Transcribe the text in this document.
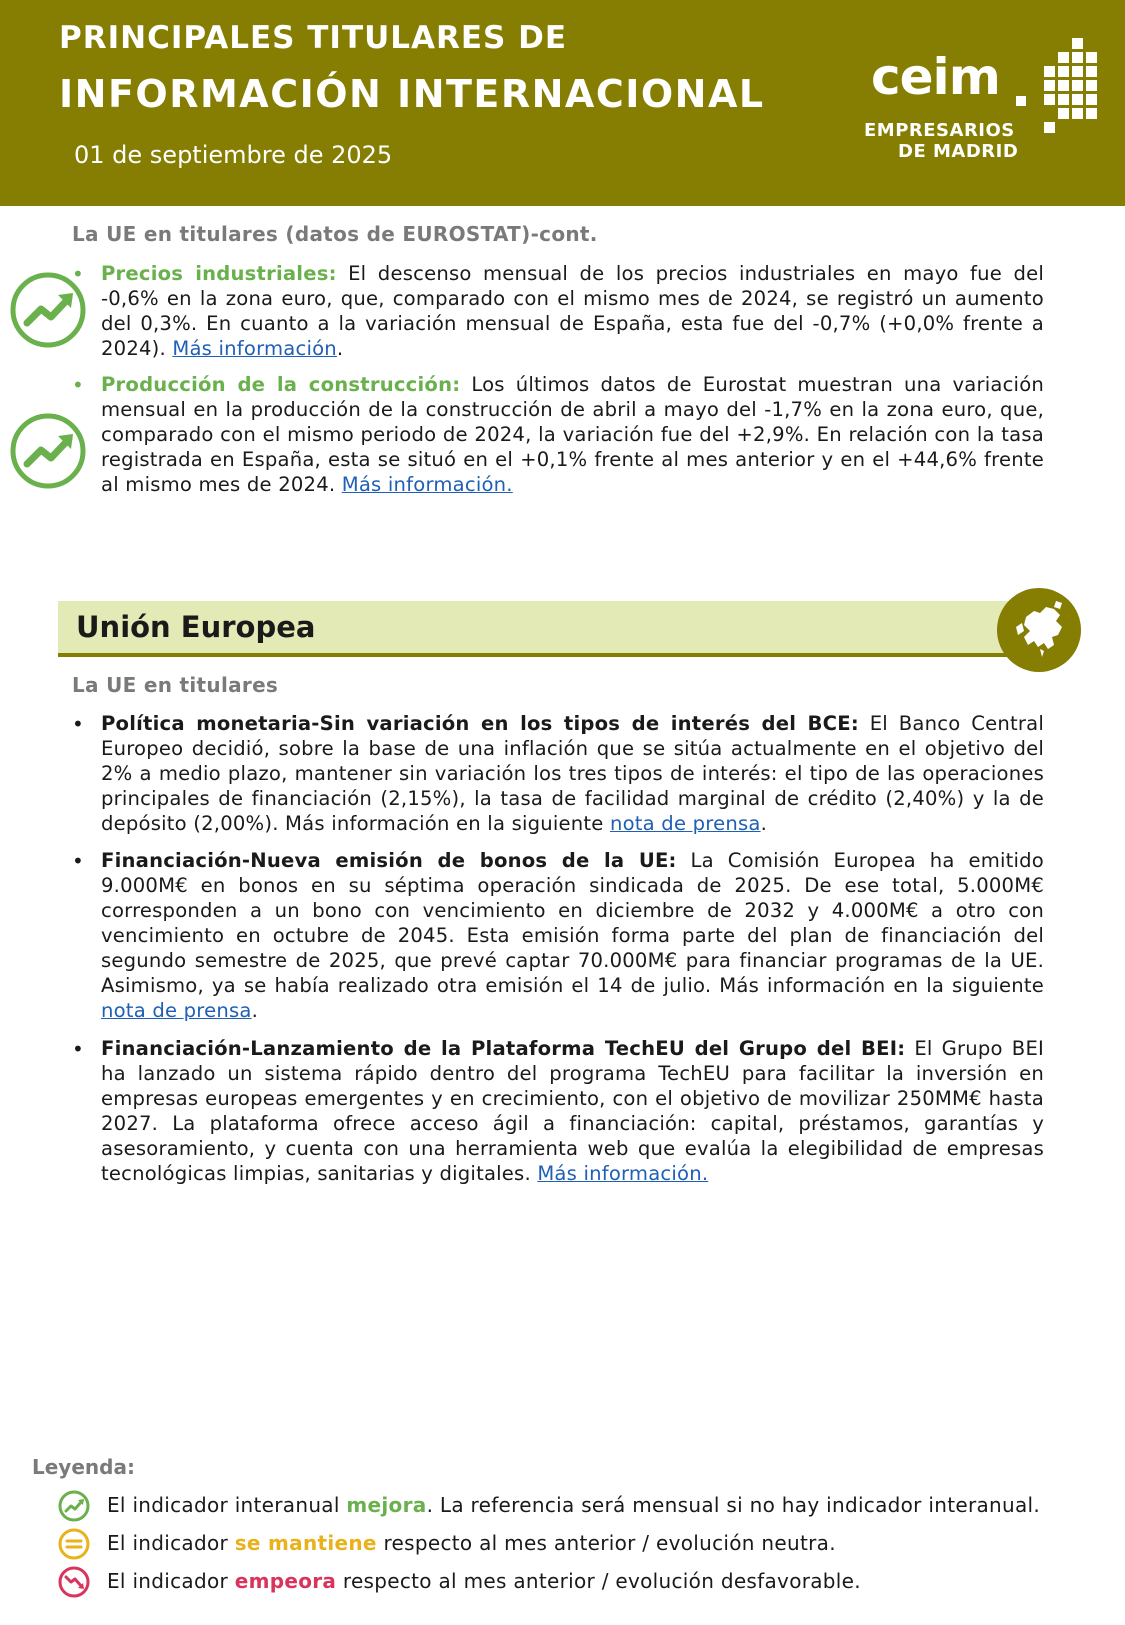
PRINCIPALES TITULARES DE
INFORMACIÓN INTERNACIONAL
01 de septiembre de 2025
ceim
EMPRESARIOS
DE MADRID
La UE en titulares (datos de EUROSTAT)-cont.
• Precios industriales: El descenso mensual de los precios industriales en mayo fue del -0,6% en la zona euro, que, comparado con el mismo mes de 2024, se registró un aumento del 0,3%. En cuanto a la variación mensual de España, esta fue del -0,7% (+0,0% frente a 2024). Más información.
• Producción de la construcción: Los últimos datos de Eurostat muestran una variación mensual en la producción de la construcción de abril a mayo del -1,7% en la zona euro, que, comparado con el mismo periodo de 2024, la variación fue del +2,9%. En relación con la tasa registrada en España, esta se situó en el +0,1% frente al mes anterior y en el +44,6% frente al mismo mes de 2024. Más información.
Unión Europea
La UE en titulares
• Política monetaria-Sin variación en los tipos de interés del BCE: El Banco Central Europeo decidió, sobre la base de una inflación que se sitúa actualmente en el objetivo del 2% a medio plazo, mantener sin variación los tres tipos de interés: el tipo de las operaciones principales de financiación (2,15%), la tasa de facilidad marginal de crédito (2,40%) y la de depósito (2,00%). Más información en la siguiente nota de prensa.
• Financiación-Nueva emisión de bonos de la UE: La Comisión Europea ha emitido 9.000M€ en bonos en su séptima operación sindicada de 2025. De ese total, 5.000M€ corresponden a un bono con vencimiento en diciembre de 2032 y 4.000M€ a otro con vencimiento en octubre de 2045. Esta emisión forma parte del plan de financiación del segundo semestre de 2025, que prevé captar 70.000M€ para financiar programas de la UE. Asimismo, ya se había realizado otra emisión el 14 de julio. Más información en la siguiente nota de prensa.
• Financiación-Lanzamiento de la Plataforma TechEU del Grupo del BEI: El Grupo BEI ha lanzado un sistema rápido dentro del programa TechEU para facilitar la inversión en empresas europeas emergentes y en crecimiento, con el objetivo de movilizar 250MM€ hasta 2027. La plataforma ofrece acceso ágil a financiación: capital, préstamos, garantías y asesoramiento, y cuenta con una herramienta web que evalúa la elegibilidad de empresas tecnológicas limpias, sanitarias y digitales. Más información.
Leyenda:
El indicador interanual mejora. La referencia será mensual si no hay indicador interanual.
El indicador se mantiene respecto al mes anterior / evolución neutra.
El indicador empeora respecto al mes anterior / evolución desfavorable.
